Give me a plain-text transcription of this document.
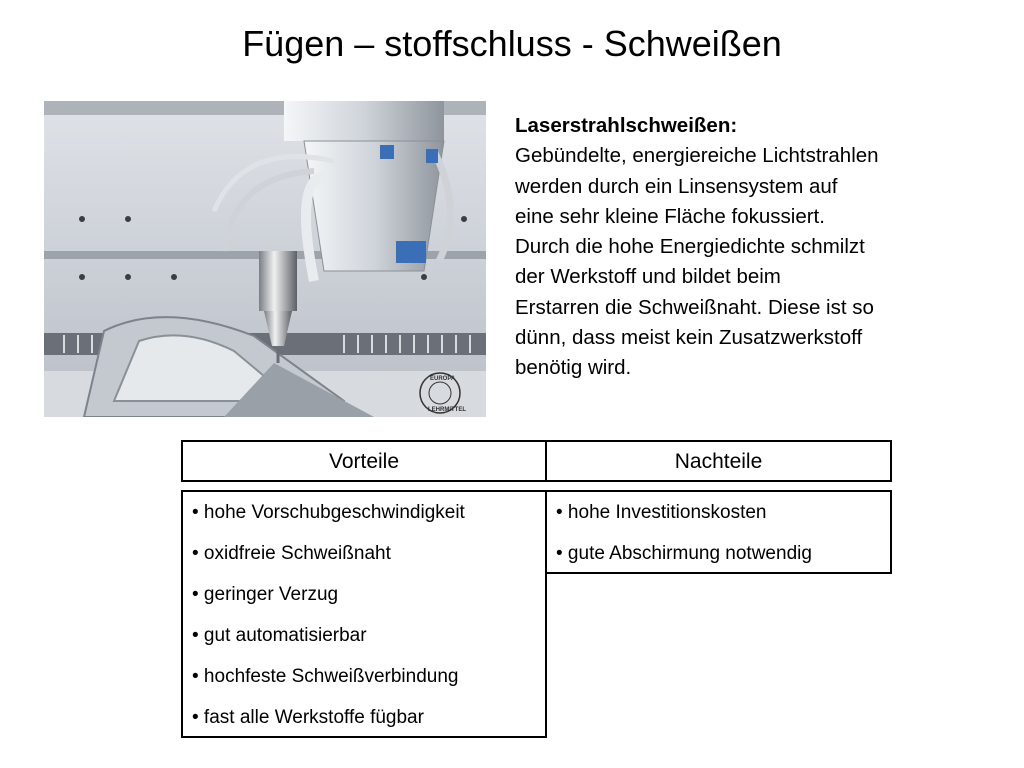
Fügen – stoffschluss - Schweißen
EUROPA
LEHRMITTEL
Laserstrahlschweißen:
Gebündelte, energiereiche Lichtstrahlen
werden durch ein Linsensystem auf
eine sehr kleine Fläche fokussiert.
Durch die hohe Energiedichte schmilzt
der Werkstoff und bildet beim
Erstarren die Schweißnaht. Diese ist so
dünn, dass meist kein Zusatzwerkstoff
benötig wird.
Vorteile	Nachteile
• hohe Vorschubgeschwindigkeit
• oxidfreie Schweißnaht
• geringer Verzug
• gut automatisierbar
• hochfeste Schweißverbindung
• fast alle Werkstoffe fügbar
• hohe Investitionskosten
• gute Abschirmung notwendig
